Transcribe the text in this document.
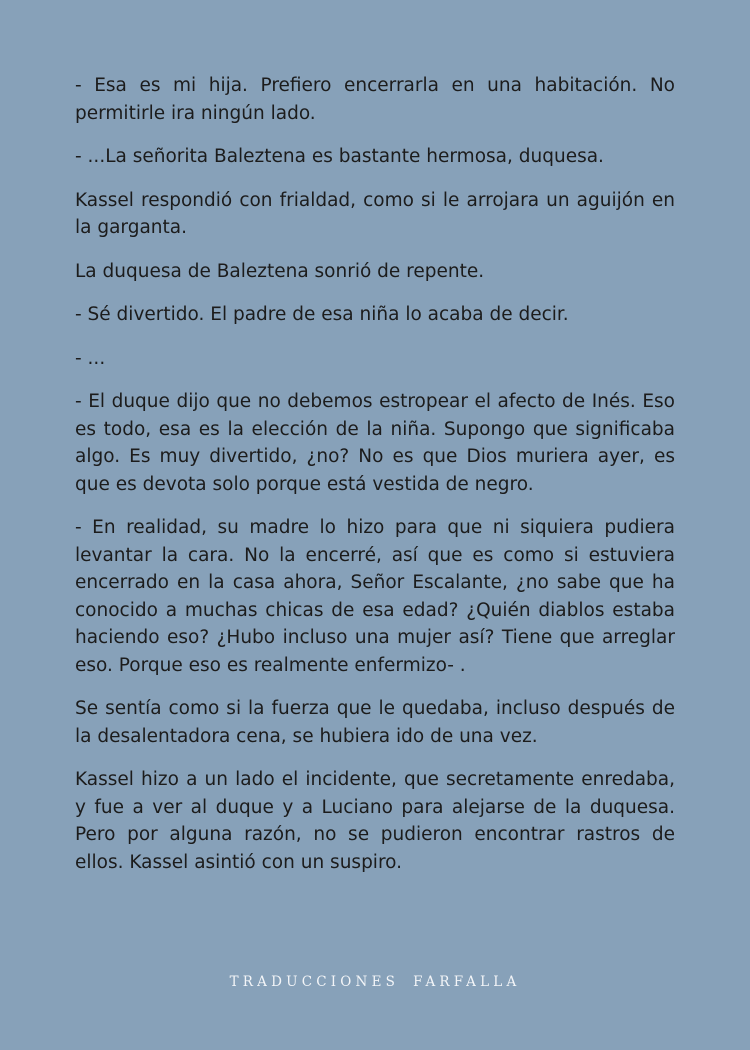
- Esa es mi hija. Prefiero encerrarla en una habitación. No permitirle ira ningún lado.

- ...La señorita Baleztena es bastante hermosa, duquesa.

Kassel respondió con frialdad, como si le arrojara un aguijón en la garganta.

La duquesa de Baleztena sonrió de repente.

- Sé divertido. El padre de esa niña lo acaba de decir.

- ...

- El duque dijo que no debemos estropear el afecto de Inés. Eso es todo, esa es la elección de la niña. Supongo que significaba algo. Es muy divertido, ¿no? No es que Dios muriera ayer, es que es devota solo porque está vestida de negro.

- En realidad, su madre lo hizo para que ni siquiera pudiera levantar la cara. No la encerré, así que es como si estuviera encerrado en la casa ahora, Señor Escalante, ¿no sabe que ha conocido a muchas chicas de esa edad? ¿Quién diablos estaba haciendo eso? ¿Hubo incluso una mujer así? Tiene que arreglar eso. Porque eso es realmente enfermizo- .

Se sentía como si la fuerza que le quedaba, incluso después de la desalentadora cena, se hubiera ido de una vez.

Kassel hizo a un lado el incidente, que secretamente enredaba, y fue a ver al duque y a Luciano para alejarse de la duquesa. Pero por alguna razón, no se pudieron encontrar rastros de ellos. Kassel asintió con un suspiro.

TRADUCCIONES FARFALLA
